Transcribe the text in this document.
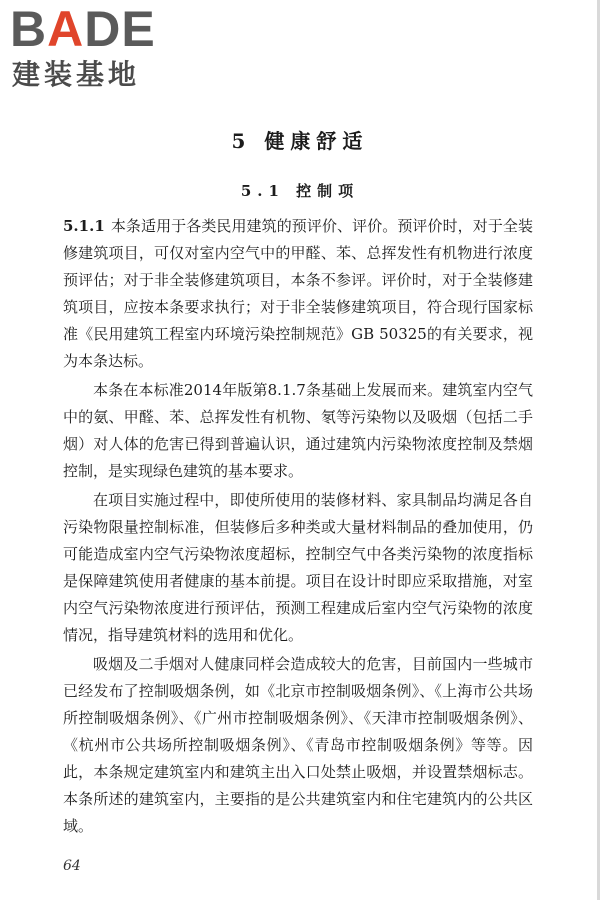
BADE
建装基地
5 健康舒适
5.1 控制项

5.1.1 本条适用于各类民用建筑的预评价、评价。预评价时，对于全装修建筑项目，可仅对室内空气中的甲醛、苯、总挥发性有机物进行浓度预评估；对于非全装修建筑项目，本条不参评。评价时，对于全装修建筑项目，应按本条要求执行；对于非全装修建筑项目，符合现行国家标准《民用建筑工程室内环境污染控制规范》GB 50325的有关要求，视为本条达标。

本条在本标准2014年版第8.1.7条基础上发展而来。建筑室内空气中的氨、甲醛、苯、总挥发性有机物、氡等污染物以及吸烟（包括二手烟）对人体的危害已得到普遍认识，通过建筑内污染物浓度控制及禁烟控制，是实现绿色建筑的基本要求。

在项目实施过程中，即使所使用的装修材料、家具制品均满足各自污染物限量控制标准，但装修后多种类或大量材料制品的叠加使用，仍可能造成室内空气污染物浓度超标，控制空气中各类污染物的浓度指标是保障建筑使用者健康的基本前提。项目在设计时即应采取措施，对室内空气污染物浓度进行预评估，预测工程建成后室内空气污染物的浓度情况，指导建筑材料的选用和优化。

吸烟及二手烟对人健康同样会造成较大的危害，目前国内一些城市已经发布了控制吸烟条例，如《北京市控制吸烟条例》、《上海市公共场所控制吸烟条例》、《广州市控制吸烟条例》、《天津市控制吸烟条例》、《杭州市公共场所控制吸烟条例》、《青岛市控制吸烟条例》等等。因此，本条规定建筑室内和建筑主出入口处禁止吸烟，并设置禁烟标志。本条所述的建筑室内，主要指的是公共建筑室内和住宅建筑内的公共区域。

64
